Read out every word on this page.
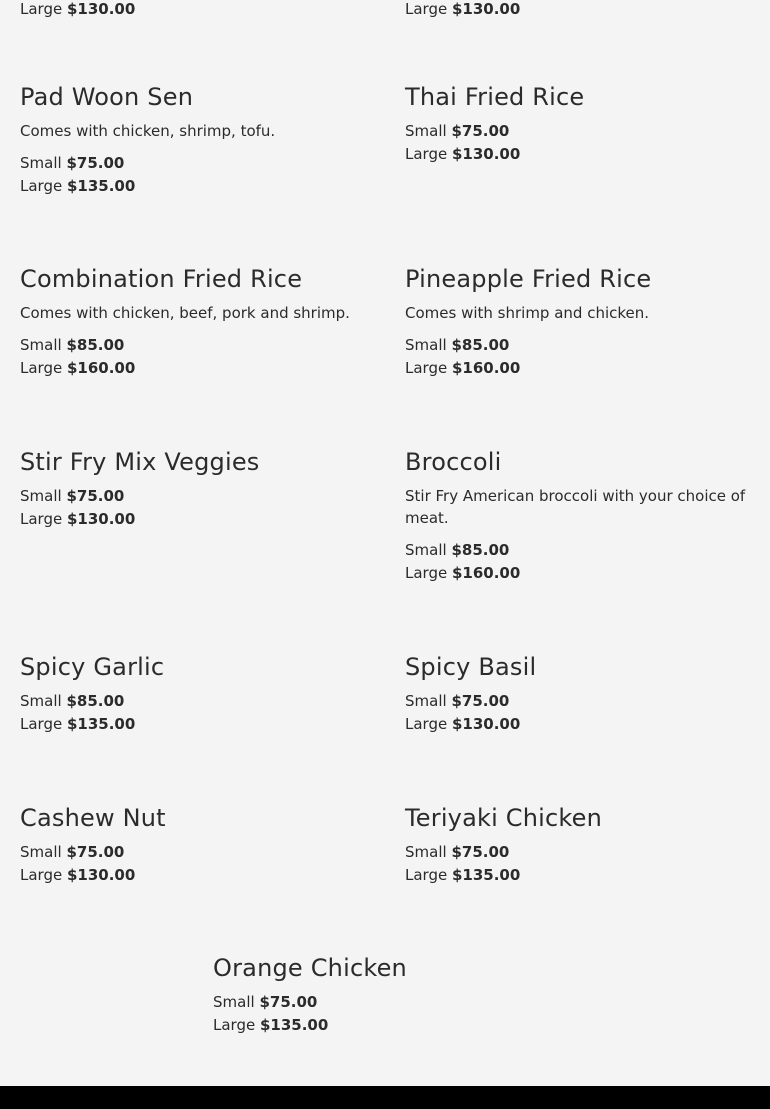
Large $130.00	Large $130.00
Pad Woon Sen
Comes with chicken, shrimp, tofu.
Small $75.00
Large $135.00
Thai Fried Rice
Small $75.00
Large $130.00
Combination Fried Rice
Comes with chicken, beef, pork and shrimp.
Small $85.00
Large $160.00
Pineapple Fried Rice
Comes with shrimp and chicken.
Small $85.00
Large $160.00
Stir Fry Mix Veggies
Small $75.00
Large $130.00
Broccoli
Stir Fry American broccoli with your choice of meat.
Small $85.00
Large $160.00
Spicy Garlic
Small $85.00
Large $135.00
Spicy Basil
Small $75.00
Large $130.00
Cashew Nut
Small $75.00
Large $130.00
Teriyaki Chicken
Small $75.00
Large $135.00
Orange Chicken
Small $75.00
Large $135.00
